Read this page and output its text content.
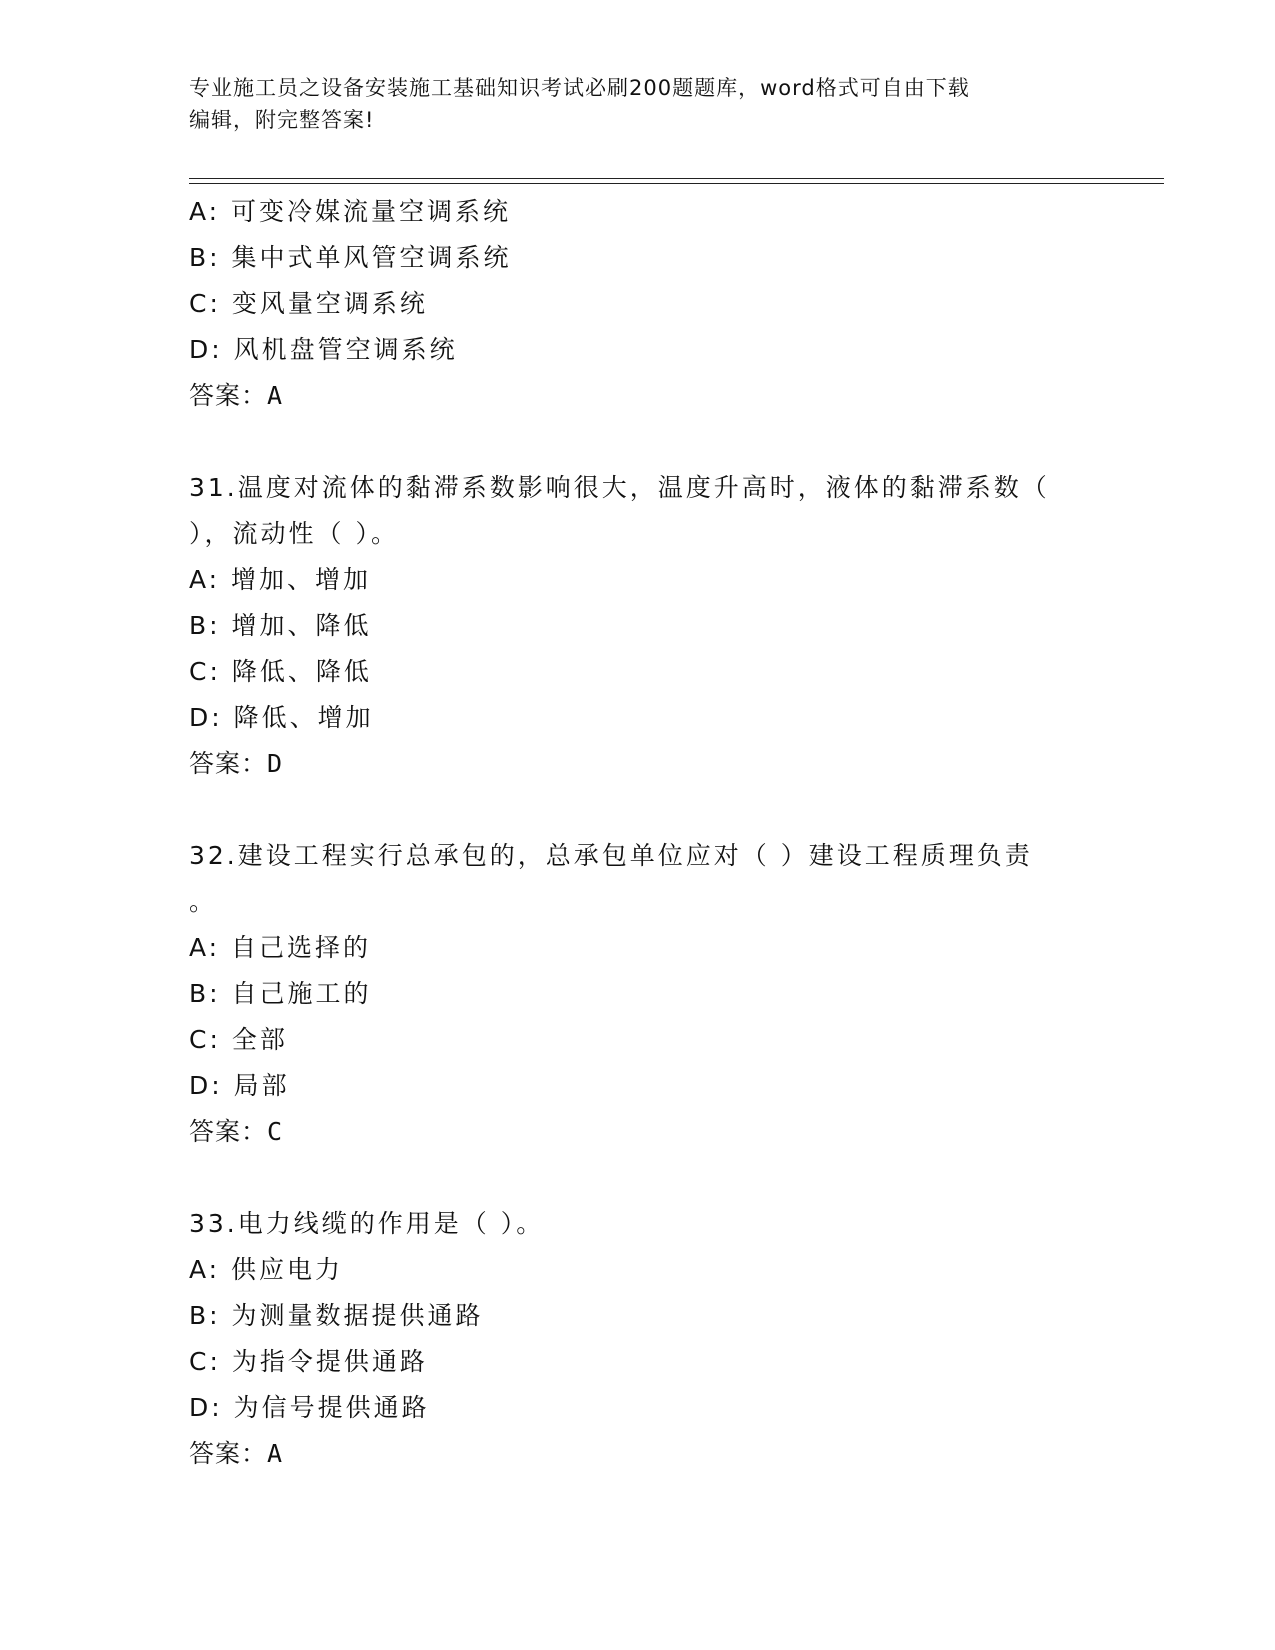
专业施工员之设备安装施工基础知识考试必刷200题题库，word格式可自由下载
编辑，附完整答案!
A: 可变冷媒流量空调系统
B: 集中式单风管空调系统
C: 变风量空调系统
D: 风机盘管空调系统
答案：A
31.温度对流体的黏滞系数影响很大，温度升高时，液体的黏滞系数（
），流动性（ ）。
A: 增加、增加
B: 增加、降低
C: 降低、降低
D: 降低、增加
答案：D
32.建设工程实行总承包的，总承包单位应对（ ）建设工程质理负责
。
A: 自己选择的
B: 自己施工的
C: 全部
D: 局部
答案：C
33.电力线缆的作用是（ ）。
A: 供应电力
B: 为测量数据提供通路
C: 为指令提供通路
D: 为信号提供通路
答案：A
